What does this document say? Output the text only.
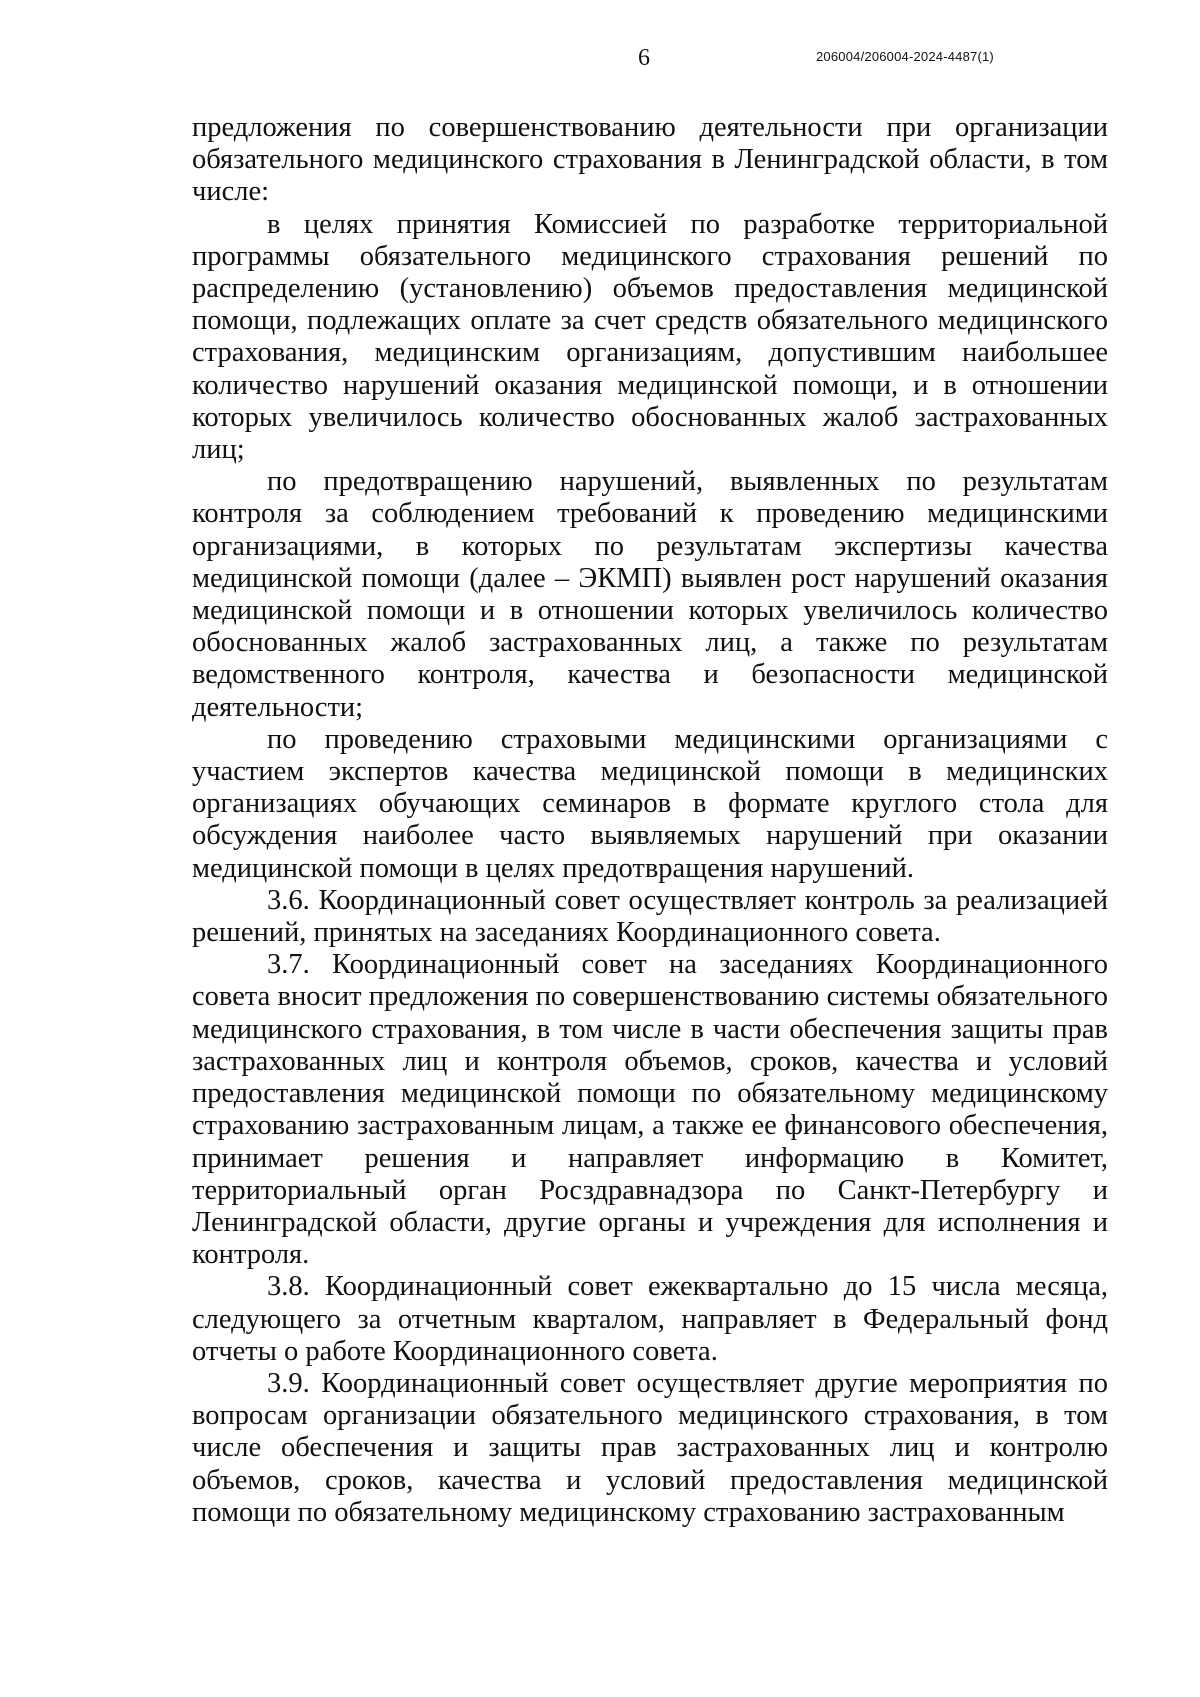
6	206004/206004-2024-4487(1)

предложения по совершенствованию деятельности при организации обязательного медицинского страхования в Ленинградской области, в том числе:

в целях принятия Комиссией по разработке территориальной программы обязательного медицинского страхования решений по распределению (установлению) объемов предоставления медицинской помощи, подлежащих оплате за счет средств обязательного медицинского страхования, медицинским организациям, допустившим наибольшее количество нарушений оказания медицинской помощи, и в отношении которых увеличилось количество обоснованных жалоб застрахованных лиц;

по предотвращению нарушений, выявленных по результатам контроля за соблюдением требований к проведению медицинскими организациями, в которых по результатам экспертизы качества медицинской помощи (далее – ЭКМП) выявлен рост нарушений оказания медицинской помощи и в отношении которых увеличилось количество обоснованных жалоб застрахованных лиц, а также по результатам ведомственного контроля, качества и безопасности медицинской деятельности;

по проведению страховыми медицинскими организациями с участием экспертов качества медицинской помощи в медицинских организациях обучающих семинаров в формате круглого стола для обсуждения наиболее часто выявляемых нарушений при оказании медицинской помощи в целях предотвращения нарушений.

3.6. Координационный совет осуществляет контроль за реализацией решений, принятых на заседаниях Координационного совета.

3.7. Координационный совет на заседаниях Координационного совета вносит предложения по совершенствованию системы обязательного медицинского страхования, в том числе в части обеспечения защиты прав застрахованных лиц и контроля объемов, сроков, качества и условий предоставления медицинской помощи по обязательному медицинскому страхованию застрахованным лицам, а также ее финансового обеспечения, принимает решения и направляет информацию в Комитет, территориальный орган Росздравнадзора по Санкт-Петербургу и Ленинградской области, другие органы и учреждения для исполнения и контроля.

3.8. Координационный совет ежеквартально до 15 числа месяца, следующего за отчетным кварталом, направляет в Федеральный фонд отчеты о работе Координационного совета.

3.9. Координационный совет осуществляет другие мероприятия по вопросам организации обязательного медицинского страхования, в том числе обеспечения и защиты прав застрахованных лиц и контролю объемов, сроков, качества и условий предоставления медицинской помощи по обязательному медицинскому страхованию застрахованным
